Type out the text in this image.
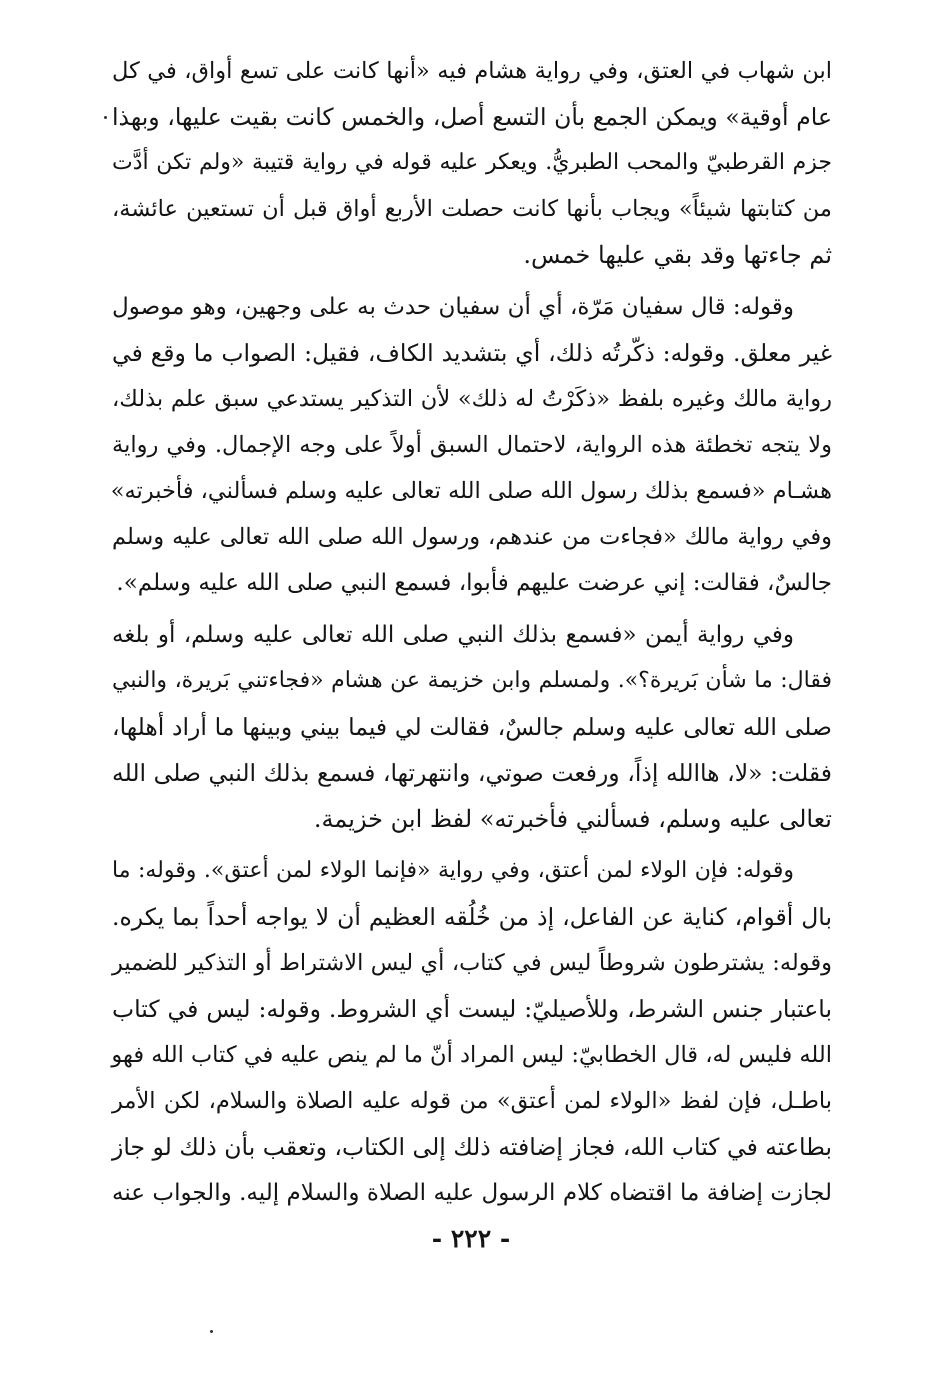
ابن شهاب في العتق، وفي رواية هشام فيه «أنها كانت على تسع أواق، في كل
عام أوقية» ويمكن الجمع بأن التسع أصل، والخمس كانت بقيت عليها، وبهذا
جزم القرطبيّ والمحب الطبريُّ. ويعكر عليه قوله في رواية قتيبة «ولم تكن أدَّت
من كتابتها شيئاً» ويجاب بأنها كانت حصلت الأربع أواق قبل أن تستعين عائشة،
ثم جاءتها وقد بقي عليها خمس.
وقوله: قال سفيان مَرّة، أي أن سفيان حدث به على وجهين، وهو موصول
غير معلق. وقوله: ذكّرتُه ذلك، أي بتشديد الكاف، فقيل: الصواب ما وقع في
رواية مالك وغيره بلفظ «ذكَرْتُ له ذلك» لأن التذكير يستدعي سبق علم بذلك،
ولا يتجه تخطئة هذه الرواية، لاحتمال السبق أولاً على وجه الإجمال. وفي رواية
هشـام «فسمع بذلك رسول الله صلى الله تعالى عليه وسلم فسألني، فأخبرته»
وفي رواية مالك «فجاءت من عندهم، ورسول الله صلى الله تعالى عليه وسلم
جالسٌ، فقالت: إني عرضت عليهم فأبوا، فسمع النبي صلى الله عليه وسلم».
وفي رواية أيمن «فسمع بذلك النبي صلى الله تعالى عليه وسلم، أو بلغه
فقال: ما شأن بَريرة؟». ولمسلم وابن خزيمة عن هشام «فجاءتني بَريرة، والنبي
صلى الله تعالى عليه وسلم جالسٌ، فقالت لي فيما بيني وبينها ما أراد أهلها،
فقلت: «لا، هاالله إذاً، ورفعت صوتي، وانتهرتها، فسمع بذلك النبي صلى الله
تعالى عليه وسلم، فسألني فأخبرته» لفظ ابن خزيمة.
وقوله: فإن الولاء لمن أعتق، وفي رواية «فإنما الولاء لمن أعتق». وقوله: ما
بال أقوام، كناية عن الفاعل، إذ من خُلُقه العظيم أن لا يواجه أحداً بما يكره.
وقوله: يشترطون شروطاً ليس في كتاب، أي ليس الاشتراط أو التذكير للضمير
باعتبار جنس الشرط، وللأصيليّ: ليست أي الشروط. وقوله: ليس في كتاب
الله فليس له، قال الخطابيّ: ليس المراد أنّ ما لم ينص عليه في كتاب الله فهو
باطـل، فإن لفظ «الولاء لمن أعتق» من قوله عليه الصلاة والسلام، لكن الأمر
بطاعته في كتاب الله، فجاز إضافته ذلك إلى الكتاب، وتعقب بأن ذلك لو جاز
لجازت إضافة ما اقتضاه كلام الرسول عليه الصلاة والسلام إليه. والجواب عنه
- ٢٢٢ -
